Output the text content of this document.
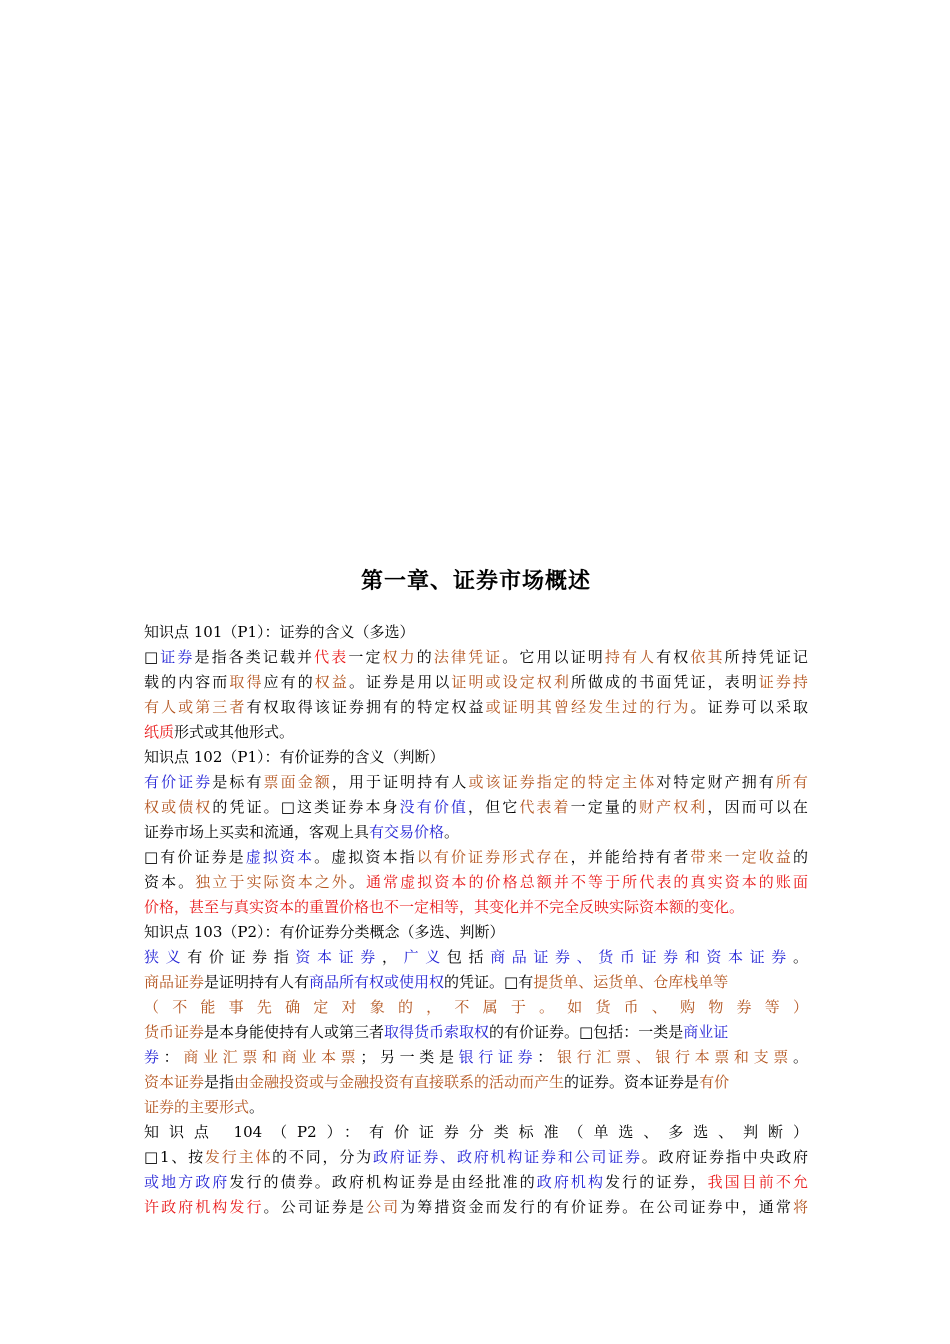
第一章、证券市场概述
知识点 101（P1）：证券的含义（多选）
□证券是指各类记载并代表一定权力的法律凭证。它用以证明持有人有权依其所持凭证记
载的内容而取得应有的权益。证券是用以证明或设定权利所做成的书面凭证，表明证券持
有人或第三者有权取得该证券拥有的特定权益或证明其曾经发生过的行为。证券可以采取
纸质形式或其他形式。
知识点 102（P1）：有价证券的含义（判断）
有价证券是标有票面金额，用于证明持有人或该证券指定的特定主体对特定财产拥有所有
权或债权的凭证。□这类证券本身没有价值，但它代表着一定量的财产权利，因而可以在
证券市场上买卖和流通，客观上具有交易价格。
□有价证券是虚拟资本。虚拟资本指以有价证券形式存在，并能给持有者带来一定收益的
资本。独立于实际资本之外。通常虚拟资本的价格总额并不等于所代表的真实资本的账面
价格，甚至与真实资本的重置价格也不一定相等，其变化并不完全反映实际资本额的变化。
知识点 103（P2）：有价证券分类概念（多选、判断）
狭义有价证券指资本证券，广义包括商品证券、货币证券和资本证券。
商品证券是证明持有人有商品所有权或使用权的凭证。□有提货单、运货单、仓库栈单等
（不能事先确定对象的，不属于。如货币、购物券等）
货币证券是本身能使持有人或第三者取得货币索取权的有价证券。□包括：一类是商业证
券：商业汇票和商业本票；另一类是银行证券：银行汇票、银行本票和支票。
资本证券是指由金融投资或与金融投资有直接联系的活动而产生的证券。资本证券是有价
证券的主要形式。
知识点 104（P2）：有价证券分类标准（单选、多选、判断）
□1、按发行主体的不同，分为政府证券、政府机构证券和公司证券。政府证券指中央政府
或地方政府发行的债券。政府机构证券是由经批准的政府机构发行的证券，我国目前不允
许政府机构发行。公司证券是公司为筹措资金而发行的有价证券。在公司证券中，通常将
